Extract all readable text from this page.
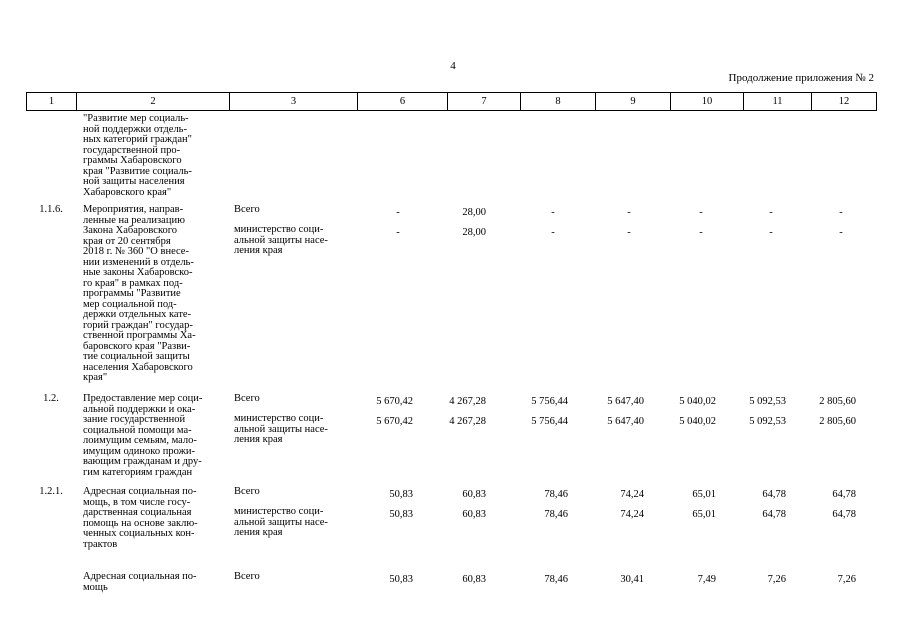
4
Продолжение приложения № 2
1	2	3	6	7	8	9	10	11	12
"Развитие мер социаль-
ной поддержки отдель-
ных категорий граждан"
государственной про-
граммы Хабаровского
края "Развитие социаль-
ной защиты населения
Хабаровского края"
1.1.6.	Мероприятия, направ-
ленные на реализацию
Закона Хабаровского
края от 20 сентября
2018 г. № 360 "О внесе-
нии изменений в отдель-
ные законы Хабаровско-
го края" в рамках под-
программы "Развитие
мер социальной под-
держки отдельных кате-
горий граждан" государ-
ственной программы Ха-
баровского края "Разви-
тие социальной защиты
населения Хабаровского
края"
Всего	-	28,00	-	-	-	-	-
министерство соци-
альной защиты насе-
ления края
-	28,00	-	-	-	-	-
1.2.	Предоставление мер соци-
альной поддержки и ока-
зание государственной
социальной помощи ма-
лоимущим семьям, мало-
имущим одиноко прожи-
вающим гражданам и дру-
гим категориям граждан
Всего	5 670,42	4 267,28	5 756,44	5 647,40	5 040,02	5 092,53	2 805,60
министерство соци-
альной защиты насе-
ления края
5 670,42	4 267,28	5 756,44	5 647,40	5 040,02	5 092,53	2 805,60
1.2.1.	Адресная социальная по-
мощь, в том числе госу-
дарственная социальная
помощь на основе заклю-
ченных социальных кон-
трактов
Всего	50,83	60,83	78,46	74,24	65,01	64,78	64,78
министерство соци-
альной защиты насе-
ления края
50,83	60,83	78,46	74,24	65,01	64,78	64,78
Адресная социальная по-
мощь
Всего	50,83	60,83	78,46	30,41	7,49	7,26	7,26
